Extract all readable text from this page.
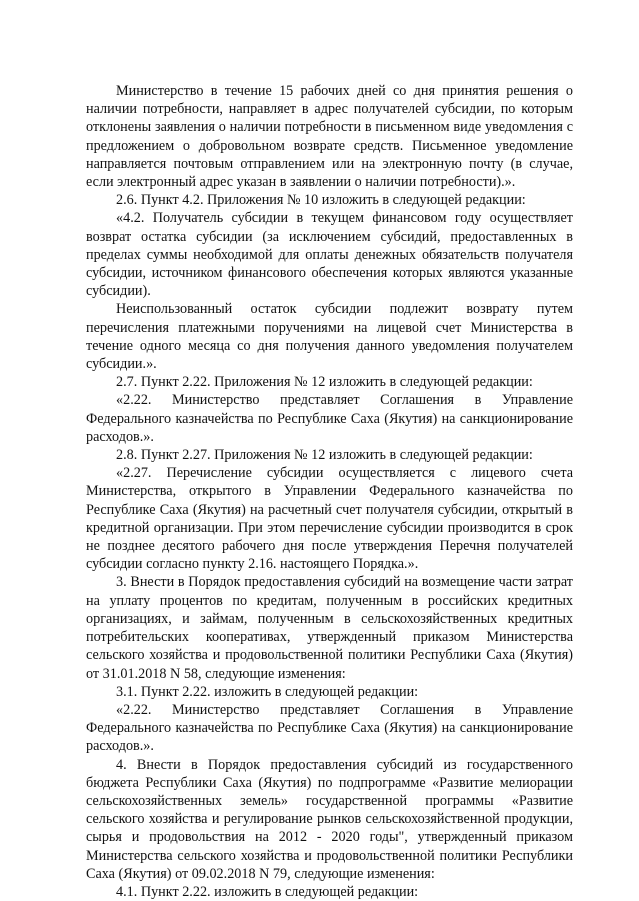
Министерство в течение 15 рабочих дней со дня принятия решения о наличии потребности, направляет в адрес получателей субсидии, по которым отклонены заявления о наличии потребности в письменном виде уведомления с предложением о добровольном возврате средств. Письменное уведомление направляется почтовым отправлением или на электронную почту (в случае, если электронный адрес указан в заявлении о наличии потребности).».

2.6. Пункт 4.2. Приложения № 10 изложить в следующей редакции:

«4.2. Получатель субсидии в текущем финансовом году осуществляет возврат остатка субсидии (за исключением субсидий, предоставленных в пределах суммы необходимой для оплаты денежных обязательств получателя субсидии, источником финансового обеспечения которых являются указанные субсидии).

Неиспользованный остаток субсидии подлежит возврату путем перечисления платежными поручениями на лицевой счет Министерства в течение одного месяца со дня получения данного уведомления получателем субсидии.».

2.7. Пункт 2.22. Приложения № 12 изложить в следующей редакции:

«2.22. Министерство представляет Соглашения в Управление Федерального казначейства по Республике Саха (Якутия) на санкционирование расходов.».

2.8. Пункт 2.27. Приложения № 12 изложить в следующей редакции:

«2.27. Перечисление субсидии осуществляется с лицевого счета Министерства, открытого в Управлении Федерального казначейства по Республике Саха (Якутия) на расчетный счет получателя субсидии, открытый в кредитной организации. При этом перечисление субсидии производится в срок не позднее десятого рабочего дня после утверждения Перечня получателей субсидии согласно пункту 2.16. настоящего Порядка.».

3. Внести в Порядок предоставления субсидий на возмещение части затрат на уплату процентов по кредитам, полученным в российских кредитных организациях, и займам, полученным в сельскохозяйственных кредитных потребительских кооперативах, утвержденный приказом Министерства сельского хозяйства и продовольственной политики Республики Саха (Якутия) от 31.01.2018 N 58, следующие изменения:

3.1. Пункт 2.22. изложить в следующей редакции:

«2.22. Министерство представляет Соглашения в Управление Федерального казначейства по Республике Саха (Якутия) на санкционирование расходов.».

4. Внести в Порядок предоставления субсидий из государственного бюджета Республики Саха (Якутия) по подпрограмме «Развитие мелиорации сельскохозяйственных земель» государственной программы «Развитие сельского хозяйства и регулирование рынков сельскохозяйственной продукции, сырья и продовольствия на 2012 - 2020 годы", утвержденный приказом Министерства сельского хозяйства и продовольственной политики Республики Саха (Якутия) от 09.02.2018 N 79, следующие изменения:

4.1. Пункт 2.22. изложить в следующей редакции:
